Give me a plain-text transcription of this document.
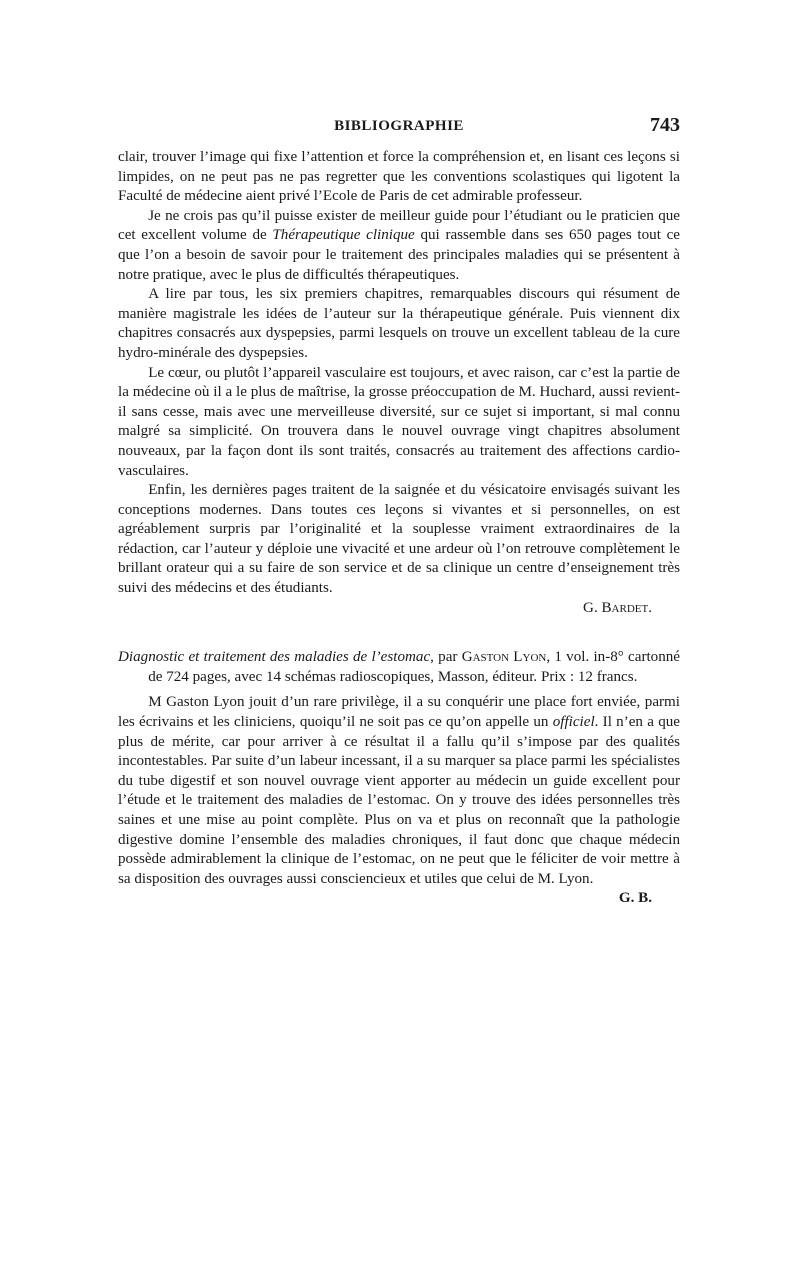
BIBLIOGRAPHIE	743

clair, trouver l’image qui fixe l’attention et force la compréhension et, en lisant ces leçons si limpides, on ne peut pas ne pas regretter que les conventions scolastiques qui ligotent la Faculté de médecine aient privé l’Ecole de Paris de cet admirable professeur.

Je ne crois pas qu’il puisse exister de meilleur guide pour l’étudiant ou le praticien que cet excellent volume de Thérapeutique clinique qui rassemble dans ses 650 pages tout ce que l’on a besoin de savoir pour le traitement des principales maladies qui se présentent à notre pratique, avec le plus de difficultés thérapeutiques.

A lire par tous, les six premiers chapitres, remarquables discours qui résument de manière magistrale les idées de l’auteur sur la thérapeutique générale. Puis viennent dix chapitres consacrés aux dyspepsies, parmi lesquels on trouve un excellent tableau de la cure hydro-minérale des dyspepsies.

Le cœur, ou plutôt l’appareil vasculaire est toujours, et avec raison, car c’est la partie de la médecine où il a le plus de maîtrise, la grosse préoccupation de M. Huchard, aussi revient-il sans cesse, mais avec une merveilleuse diversité, sur ce sujet si important, si mal connu malgré sa simplicité. On trouvera dans le nouvel ouvrage vingt chapitres absolument nouveaux, par la façon dont ils sont traités, consacrés au traitement des affections cardio-vasculaires.

Enfin, les dernières pages traitent de la saignée et du vésicatoire envisagés suivant les conceptions modernes. Dans toutes ces leçons si vivantes et si personnelles, on est agréablement surpris par l’originalité et la souplesse vraiment extraordinaires de la rédaction, car l’auteur y déploie une vivacité et une ardeur où l’on retrouve complètement le brillant orateur qui a su faire de son service et de sa clinique un centre d’enseignement très suivi des médecins et des étudiants.

G. Bardet.

Diagnostic et traitement des maladies de l’estomac, par Gaston Lyon, 1 vol. in-8° cartonné de 724 pages, avec 14 schémas radioscopiques, Masson, éditeur. Prix : 12 francs.

M Gaston Lyon jouit d’un rare privilège, il a su conquérir une place fort enviée, parmi les écrivains et les cliniciens, quoiqu’il ne soit pas ce qu’on appelle un officiel. Il n’en a que plus de mérite, car pour arriver à ce résultat il a fallu qu’il s’impose par des qualités incontestables. Par suite d’un labeur incessant, il a su marquer sa place parmi les spécialistes du tube digestif et son nouvel ouvrage vient apporter au médecin un guide excellent pour l’étude et le traitement des maladies de l’estomac. On y trouve des idées personnelles très saines et une mise au point complète. Plus on va et plus on reconnaît que la pathologie digestive domine l’ensemble des maladies chroniques, il faut donc que chaque médecin possède admirablement la clinique de l’estomac, on ne peut que le féliciter de voir mettre à sa disposition des ouvrages aussi consciencieux et utiles que celui de M. Lyon.

G. B.
